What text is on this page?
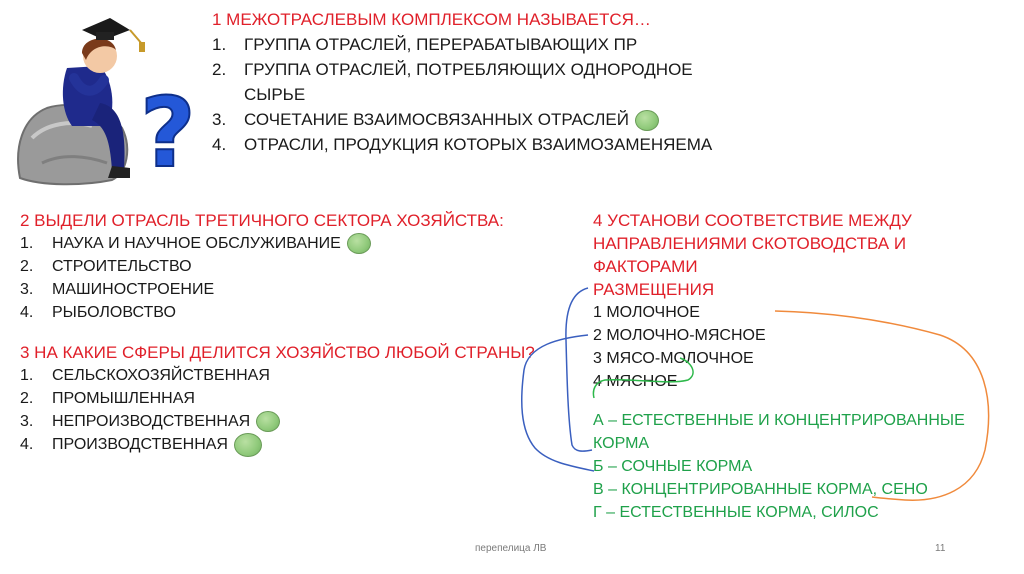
?
1 МЕЖОТРАСЛЕВЫМ КОМПЛЕКСОМ НАЗЫВАЕТСЯ…
1. ГРУППА ОТРАСЛЕЙ, ПЕРЕРАБАТЫВАЮЩИХ ПР
2. ГРУППА ОТРАСЛЕЙ, ПОТРЕБЛЯЮЩИХ ОДНОРОДНОЕ СЫРЬЕ
3. СОЧЕТАНИЕ ВЗАИМОСВЯЗАННЫХ ОТРАСЛЕЙ
4. ОТРАСЛИ, ПРОДУКЦИЯ КОТОРЫХ ВЗАИМОЗАМЕНЯЕМА
2 ВЫДЕЛИ ОТРАСЛЬ ТРЕТИЧНОГО СЕКТОРА ХОЗЯЙСТВА:
1. НАУКА И НАУЧНОЕ ОБСЛУЖИВАНИЕ
2. СТРОИТЕЛЬСТВО
3. МАШИНОСТРОЕНИЕ
4. РЫБОЛОВСТВО
3 НА КАКИЕ СФЕРЫ ДЕЛИТСЯ ХОЗЯЙСТВО ЛЮБОЙ СТРАНЫ?
1. СЕЛЬСКОХОЗЯЙСТВЕННАЯ
2. ПРОМЫШЛЕННАЯ
3. НЕПРОИЗВОДСТВЕННАЯ
4. ПРОИЗВОДСТВЕННАЯ
4 УСТАНОВИ СООТВЕТСТВИЕ МЕЖДУ
НАПРАВЛЕНИЯМИ СКОТОВОДСТВА И ФАКТОРАМИ
РАЗМЕЩЕНИЯ
1 МОЛОЧНОЕ
2 МОЛОЧНО-МЯСНОЕ
3 МЯСО-МОЛОЧНОЕ
4 МЯСНОЕ
А – ЕСТЕСТВЕННЫЕ И КОНЦЕНТРИРОВАННЫЕ
КОРМА
Б – СОЧНЫЕ КОРМА
В – КОНЦЕНТРИРОВАННЫЕ КОРМА, СЕНО
Г – ЕСТЕСТВЕННЫЕ КОРМА, СИЛОС
перепелица ЛВ	11
